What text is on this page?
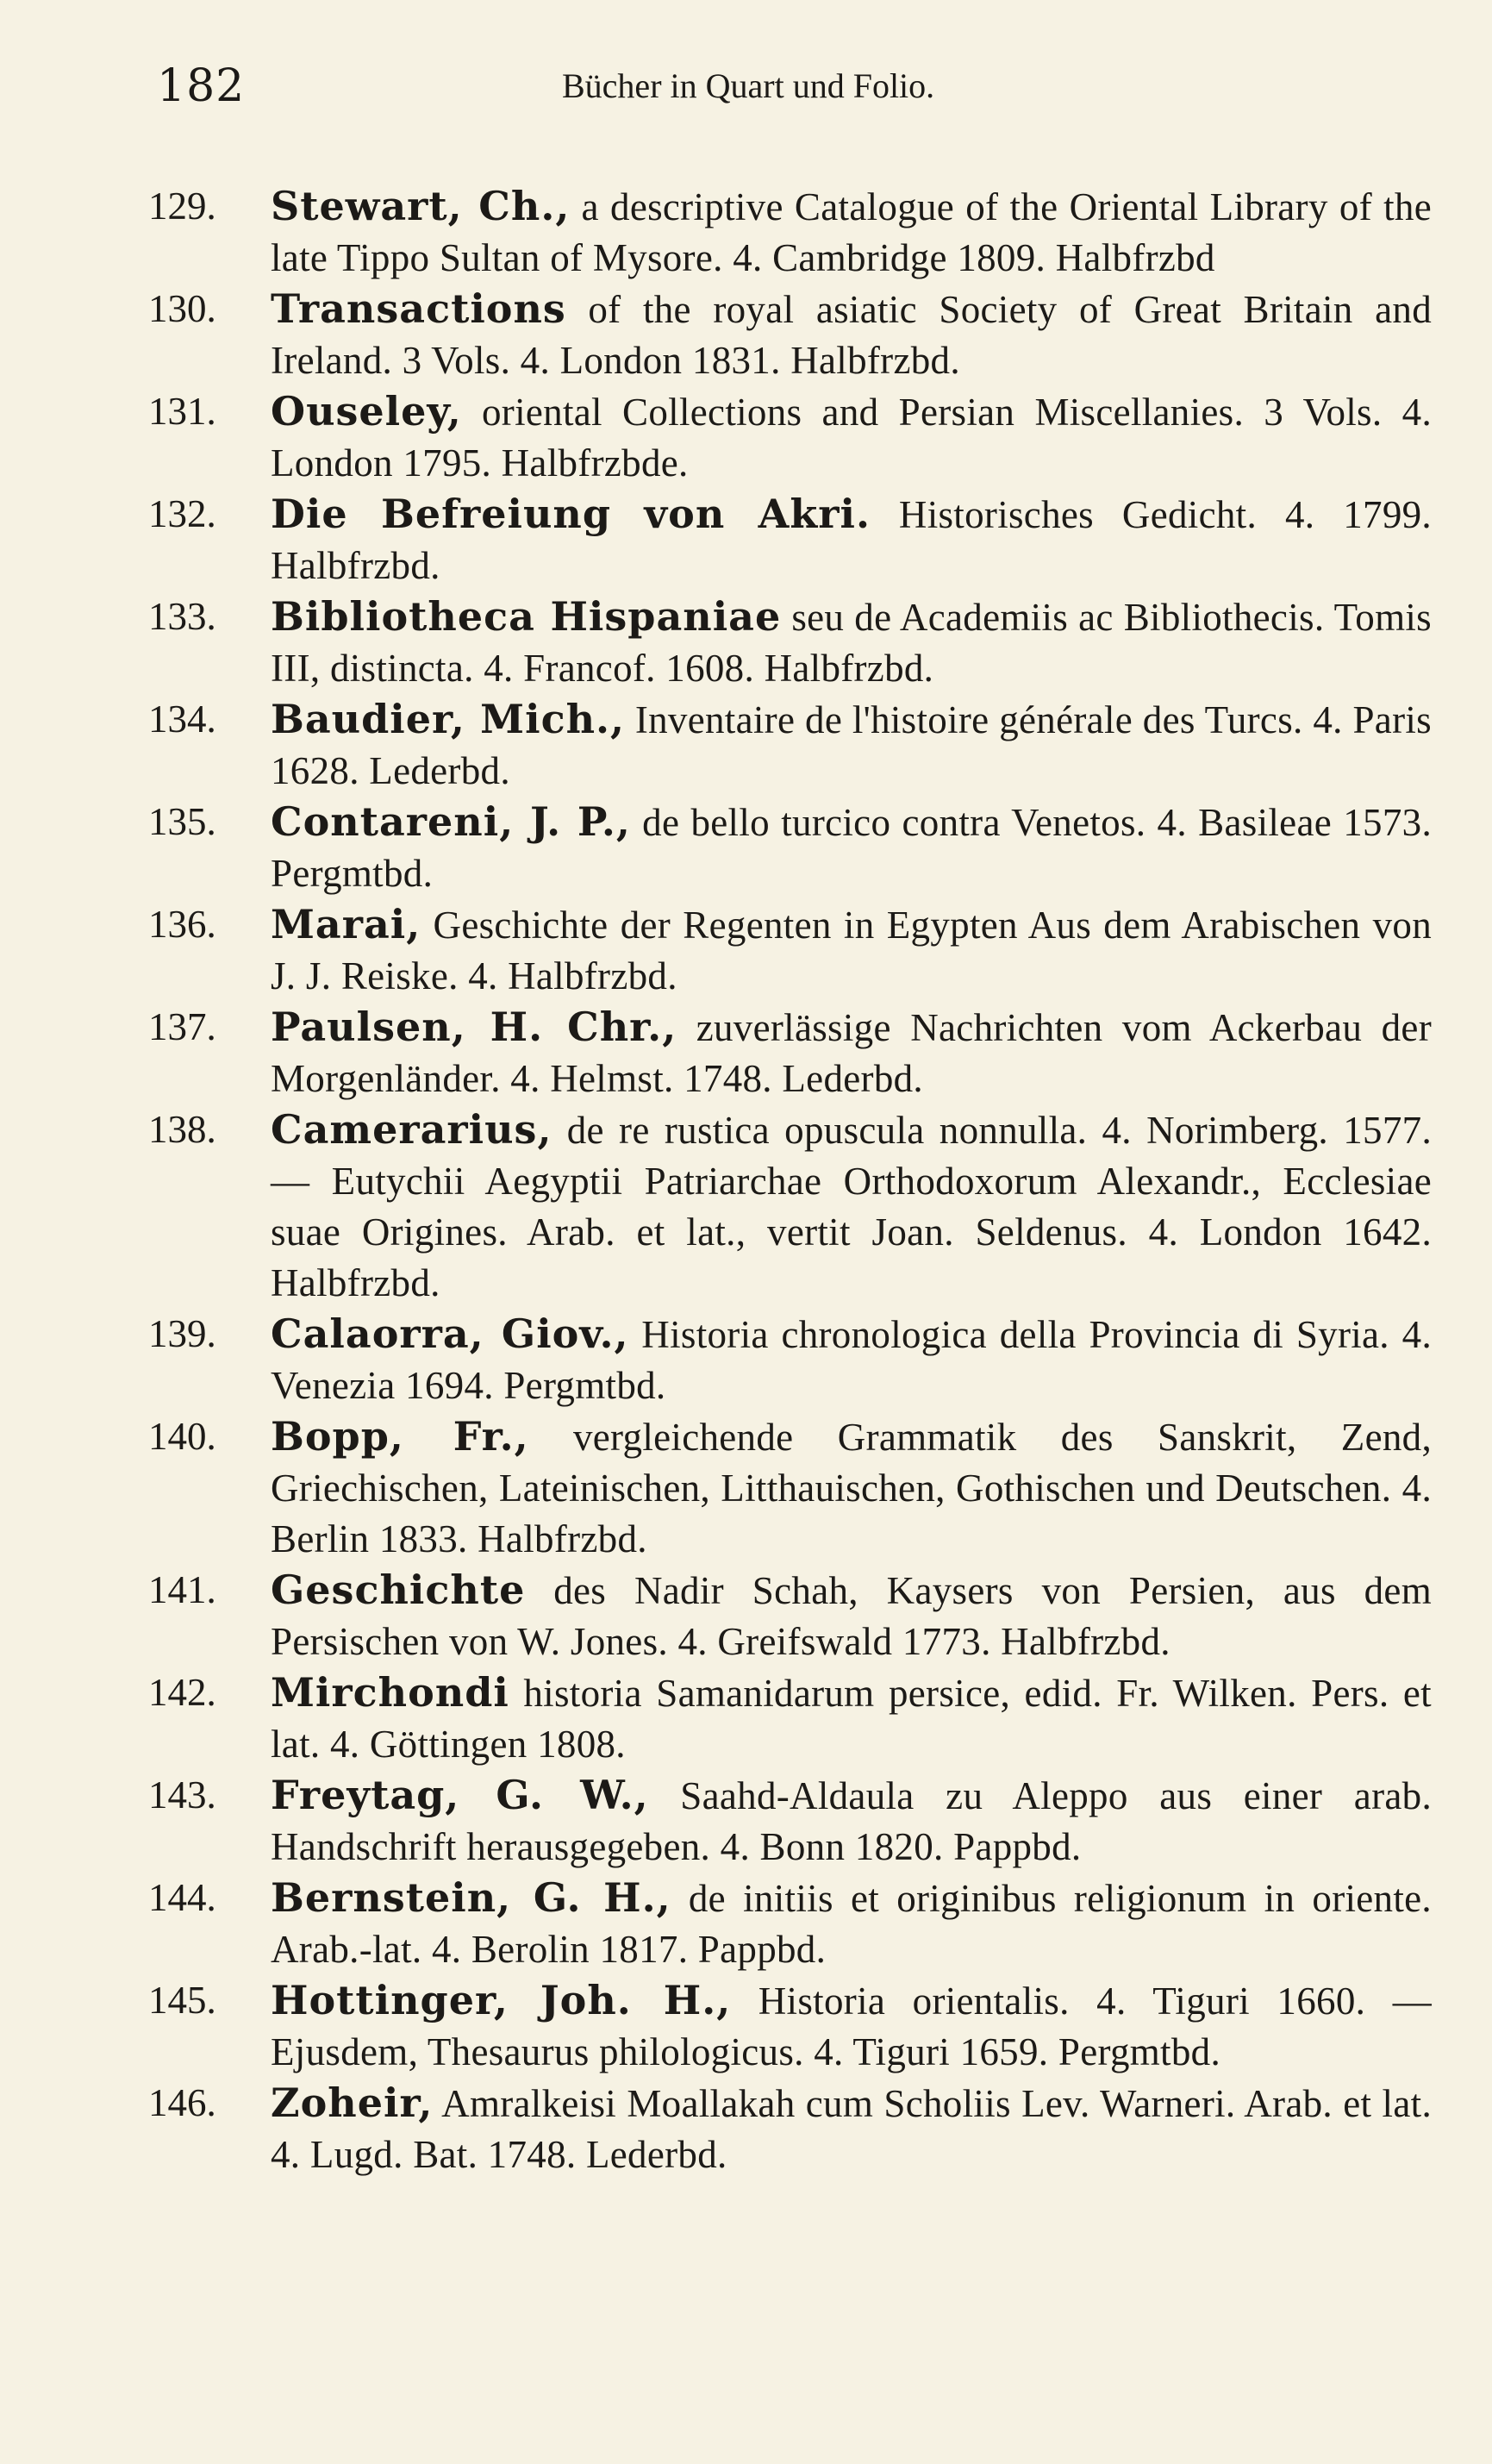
182	Bücher in Quart und Folio.
129.	Stewart, Ch., a descriptive Catalogue of the Oriental Library of the late Tippo Sultan of Mysore. 4. Cambridge 1809. Halbfrzbd
130.	Transactions of the royal asiatic Society of Great Britain and Ireland. 3 Vols. 4. London 1831. Halbfrzbd.
131.	Ouseley, oriental Collections and Persian Miscellanies. 3 Vols. 4. London 1795. Halbfrzbde.
132.	Die Befreiung von Akri. Historisches Gedicht. 4. 1799. Halbfrzbd.
133.	Bibliotheca Hispaniae seu de Academiis ac Bibliothecis. Tomis III, distincta. 4. Francof. 1608. Halbfrzbd.
134.	Baudier, Mich., Inventaire de l'histoire générale des Turcs. 4. Paris 1628. Lederbd.
135.	Contareni, J. P., de bello turcico contra Venetos. 4. Basileae 1573. Pergmtbd.
136.	Marai, Geschichte der Regenten in Egypten Aus dem Arabischen von J. J. Reiske. 4. Halbfrzbd.
137.	Paulsen, H. Chr., zuverlässige Nachrichten vom Ackerbau der Morgenländer. 4. Helmst. 1748. Lederbd.
138.	Camerarius, de re rustica opuscula nonnulla. 4. Norimberg. 1577. — Eutychii Aegyptii Patriarchae Orthodoxorum Alexandr., Ecclesiae suae Origines. Arab. et lat., vertit Joan. Seldenus. 4. London 1642. Halbfrzbd.
139.	Calaorra, Giov., Historia chronologica della Provincia di Syria. 4. Venezia 1694. Pergmtbd.
140.	Bopp, Fr., vergleichende Grammatik des Sanskrit, Zend, Griechischen, Lateinischen, Litthauischen, Gothischen und Deutschen. 4. Berlin 1833. Halbfrzbd.
141.	Geschichte des Nadir Schah, Kaysers von Persien, aus dem Persischen von W. Jones. 4. Greifswald 1773. Halbfrzbd.
142.	Mirchondi historia Samanidarum persice, edid. Fr. Wilken. Pers. et lat. 4. Göttingen 1808.
143.	Freytag, G. W., Saahd-Aldaula zu Aleppo aus einer arab. Handschrift herausgegeben. 4. Bonn 1820. Pappbd.
144.	Bernstein, G. H., de initiis et originibus religionum in oriente. Arab.-lat. 4. Berolin 1817. Pappbd.
145.	Hottinger, Joh. H., Historia orientalis. 4. Tiguri 1660. — Ejusdem, Thesaurus philologicus. 4. Tiguri 1659. Pergmtbd.
146.	Zoheir, Amralkeisi Moallakah cum Scholiis Lev. Warneri. Arab. et lat. 4. Lugd. Bat. 1748. Lederbd.
